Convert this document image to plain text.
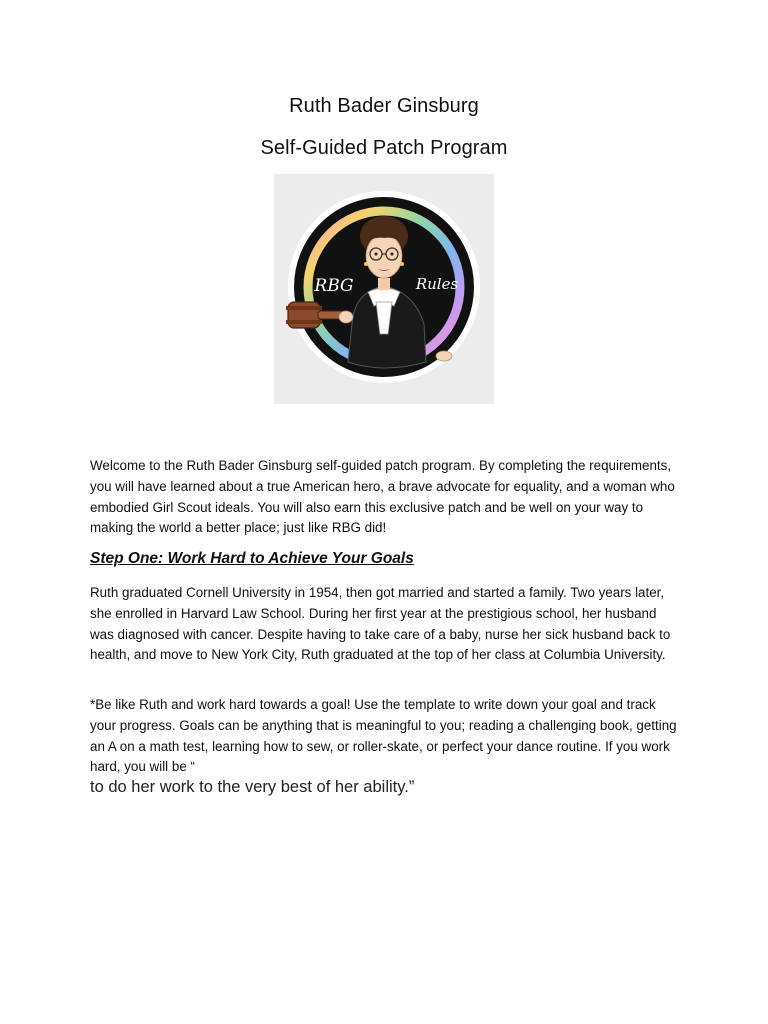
Ruth Bader Ginsburg
Self-Guided Patch Program
RBG	Rules
Welcome to the Ruth Bader Ginsburg self-guided patch program. By completing the requirements, you will have learned about a true American hero, a brave advocate for equality, and a woman who embodied Girl Scout ideals. You will also earn this exclusive patch and be well on your way to making the world a better place; just like RBG did!
Step One: Work Hard to Achieve Your Goals
Ruth graduated Cornell University in 1954, then got married and started a family. Two years later, she enrolled in Harvard Law School. During her first year at the prestigious school, her husband was diagnosed with cancer. Despite having to take care of a baby, nurse her sick husband back to health, and move to New York City, Ruth graduated at the top of her class at Columbia University.
*Be like Ruth and work hard towards a goal! Use the template to write down your goal and track your progress. Goals can be anything that is meaningful to you; reading a challenging book, getting an A on a math test, learning how to sew, or roller-skate, or perfect your dance routine. If you work hard, you will be “
to do her work to the very best of her ability.”
